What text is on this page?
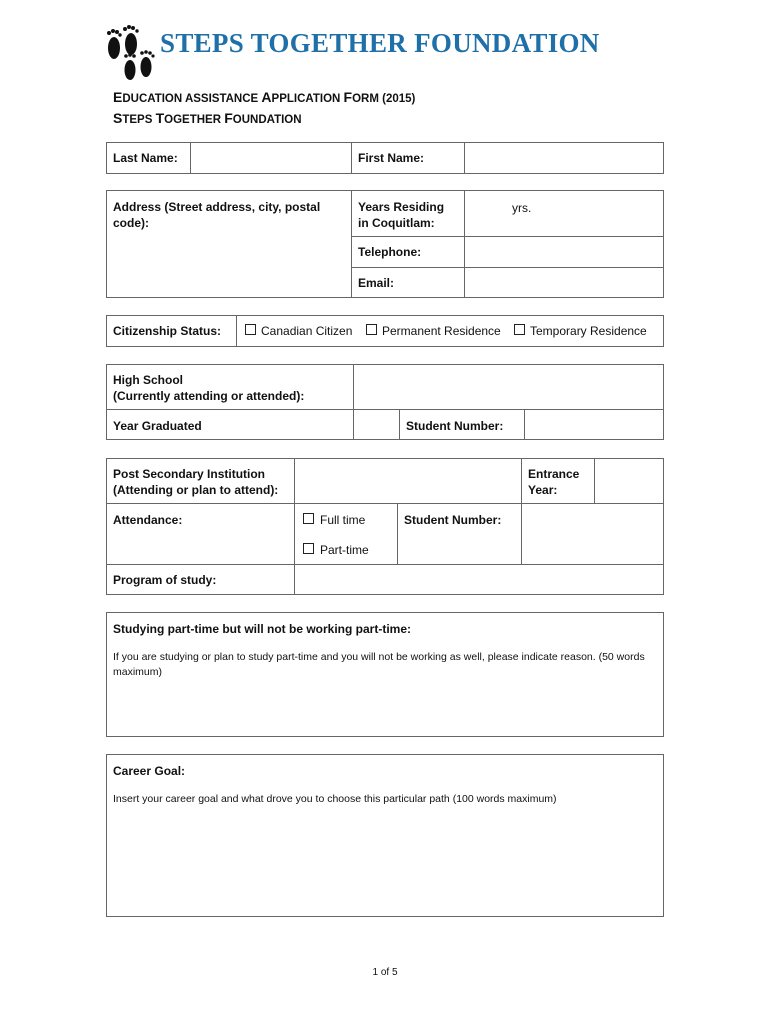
STEPS TOGETHER FOUNDATION
EDUCATION ASSISTANCE APPLICATION FORM (2015)
STEPS TOGETHER FOUNDATION
Last Name:	First Name:
Address (Street address, city, postal code):
Years Residing in Coquitlam:
yrs.
Telephone:
Email:
Citizenship Status:	Canadian Citizen Permanent Residence Temporary Residence
High School
(Currently attending or attended):
Year Graduated	Student Number:
Post Secondary Institution
(Attending or plan to attend):
Entrance
Year:
Attendance:	Full time
Part-time
Student Number:
Program of study:
Studying part-time but will not be working part-time:
If you are studying or plan to study part-time and you will not be working as well, please indicate reason. (50 words maximum)
Career Goal:
Insert your career goal and what drove you to choose this particular path (100 words maximum)
1 of 5
